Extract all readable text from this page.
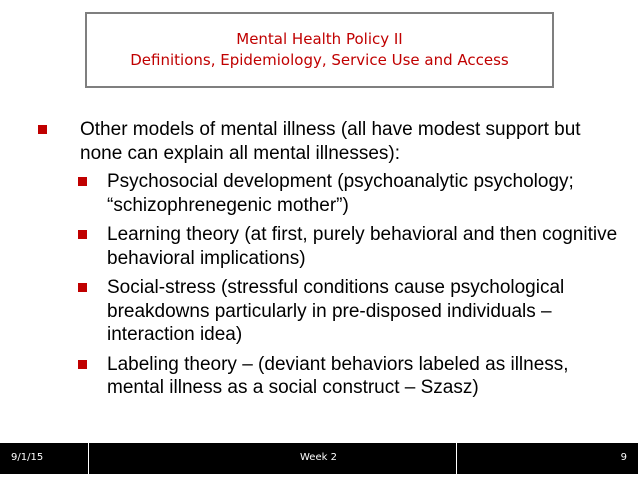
Mental Health Policy II
Definitions, Epidemiology, Service Use and Access
Other models of mental illness (all have modest support but none can explain all mental illnesses):
Psychosocial development (psychoanalytic psychology; “schizophrenegenic mother”)
Learning theory (at first, purely behavioral and then cognitive behavioral implications)
Social-stress (stressful conditions cause psychological breakdowns particularly in pre-disposed individuals – interaction idea)
Labeling theory – (deviant behaviors labeled as illness, mental illness as a social construct – Szasz)
9/1/15	Week 2	9
